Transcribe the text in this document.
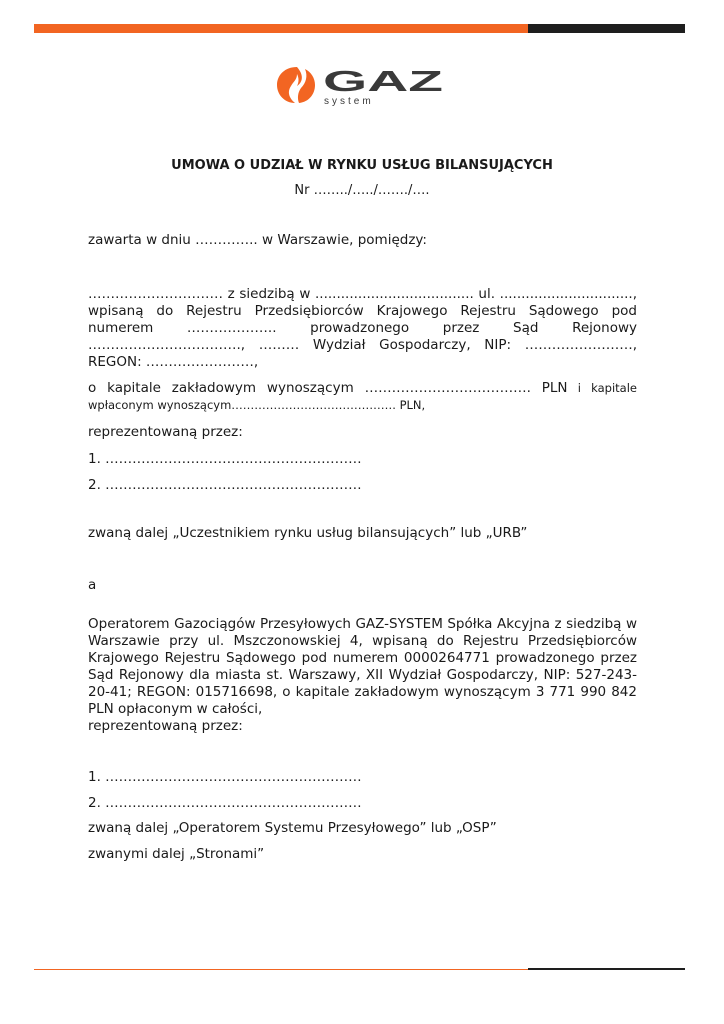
GAZ
system
UMOWA O UDZIAŁ W RYNKU USŁUG BILANSUJĄCYCH
Nr ……../…../……./….

zawarta w dniu ………….. w Warszawie, pomiędzy:

………………………… z siedzibą w ..................................... ul. ..............................., wpisaną do Rejestru Przedsiębiorców Krajowego Rejestru Sądowego pod numerem ……………….. prowadzonego przez Sąd Rejonowy ……………………………., ……… Wydział Gospodarczy, NIP: ……………………, REGON: ……………………,

o kapitale zakładowym wynoszącym ………………………………. PLN i kapitale wpłaconym wynoszącym……………………………………. PLN,

reprezentowaną przez:

1. …………………………………………………

2. …………………………………………………

zwaną dalej „Uczestnikiem rynku usług bilansujących” lub „URB”

a

Operatorem Gazociągów Przesyłowych GAZ-SYSTEM Spółka Akcyjna z siedzibą w Warszawie przy ul. Mszczonowskiej 4, wpisaną do Rejestru Przedsiębiorców Krajowego Rejestru Sądowego pod numerem 0000264771 prowadzonego przez Sąd Rejonowy dla miasta st. Warszawy, XII Wydział Gospodarczy, NIP: 527-243-20-41; REGON: 015716698, o kapitale zakładowym wynoszącym 3 771 990 842 PLN opłaconym w całości,

reprezentowaną przez:

1. …………………………………………………

2. …………………………………………………

zwaną dalej „Operatorem Systemu Przesyłowego” lub „OSP”

zwanymi dalej „Stronami”
